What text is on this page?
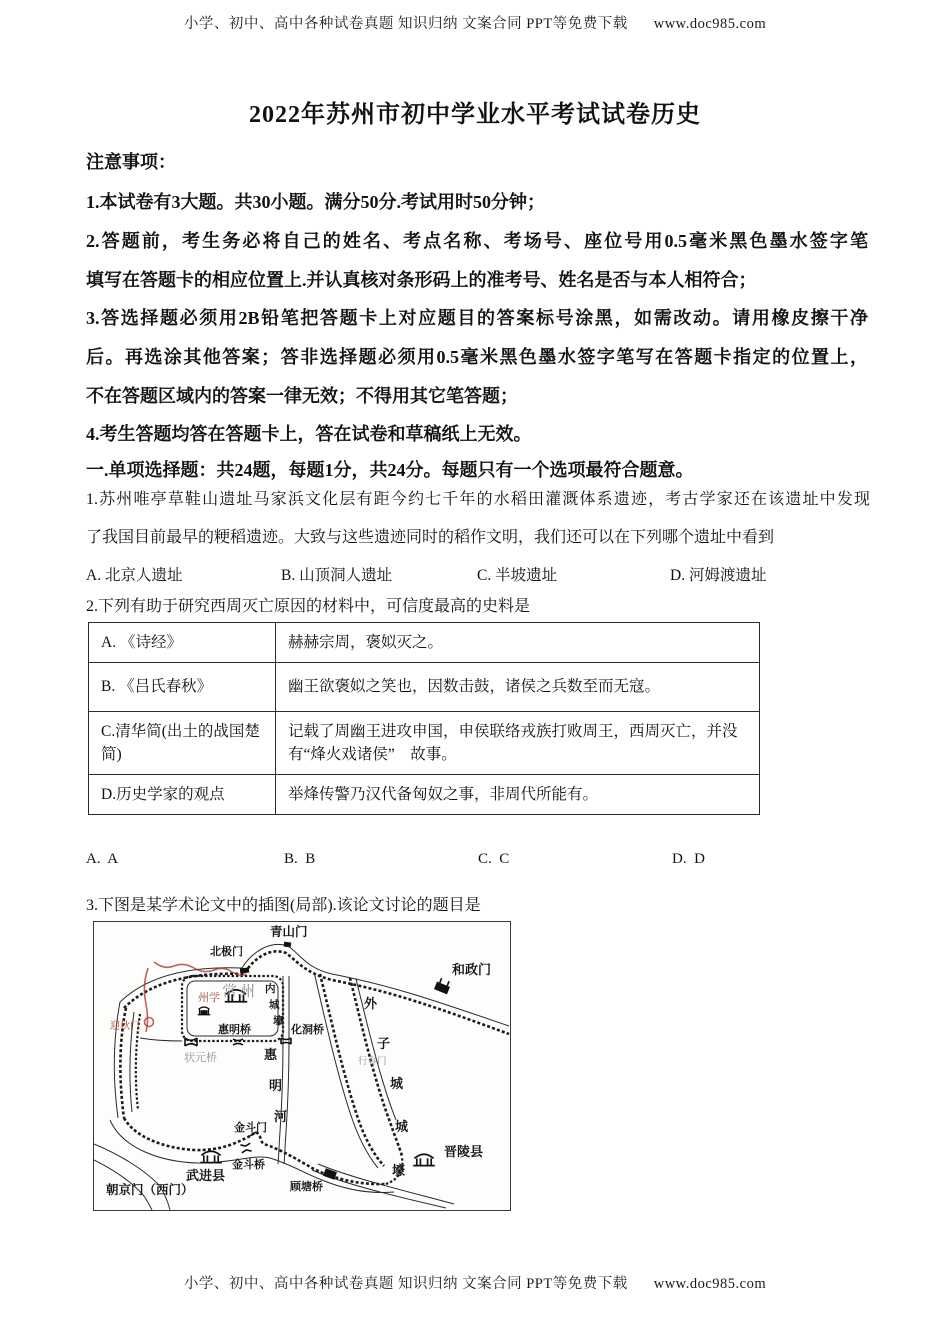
小学、初中、高中各种试卷真题 知识归纳 文案合同 PPT等免费下载 www.doc985.com

2022年苏州市初中学业水平考试试卷历史

注意事项：

1.本试卷有3大题。共30小题。满分50分.考试用时50分钟；

2.答题前，考生务必将自己的姓名、考点名称、考场号、座位号用0.5毫米黑色墨水签字笔

填写在答题卡的相应位置上.并认真核对条形码上的准考号、姓名是否与本人相符合；

3.答选择题必须用2B铅笔把答题卡上对应题目的答案标号涂黑，如需改动。请用橡皮擦干净

后。再选涂其他答案；答非选择题必须用0.5毫米黑色墨水签字笔写在答题卡指定的位置上，

不在答题区域内的答案一律无效；不得用其它笔答题；

4.考生答题均答在答题卡上，答在试卷和草稿纸上无效。

一.单项选择题：共24题，每题1分，共24分。每题只有一个选项最符合题意。

1.苏州唯亭草鞋山遗址马家浜文化层有距今约七千年的水稻田灌溉体系遗迹，考古学家还在该遗址中发现

了我国目前最早的粳稻遗迹。大致与这些遗迹同时的稻作文明，我们还可以在下列哪个遗址中看到

A. 北京人遗址	B. 山顶洞人遗址	C. 半坡遗址	D. 河姆渡遗址

2.下列有助于研究西周灭亡原因的材料中，可信度最高的史料是

A. 《诗经》	赫赫宗周，褒姒灭之。
B. 《吕氏春秋》	幽王欲褒姒之笑也，因数击鼓，诸侯之兵数至而无寇。
C.清华简(出土的战国楚简)	记载了周幽王进攻申国，申侯联络戎族打败周王，西周灭亡，并没有“烽火戏诸侯”　故事。
D.历史学家的观点	举烽传警乃汉代备匈奴之事，非周代所能有。
A.  A	B.  B	C.  C	D.  D

3.下图是某学术论文中的插图(局部).该论文讨论的题目是

青山门
北极门
和政门
州学 常州 内城壕
惠明桥	化洞桥
状元桥	惠明河
外子城
行春门
城壕
金斗门
金斗桥
武进县
朝京门（西门）	顾塘桥
晋陵县
迎秋门

小学、初中、高中各种试卷真题 知识归纳 文案合同 PPT等免费下载 www.doc985.com
